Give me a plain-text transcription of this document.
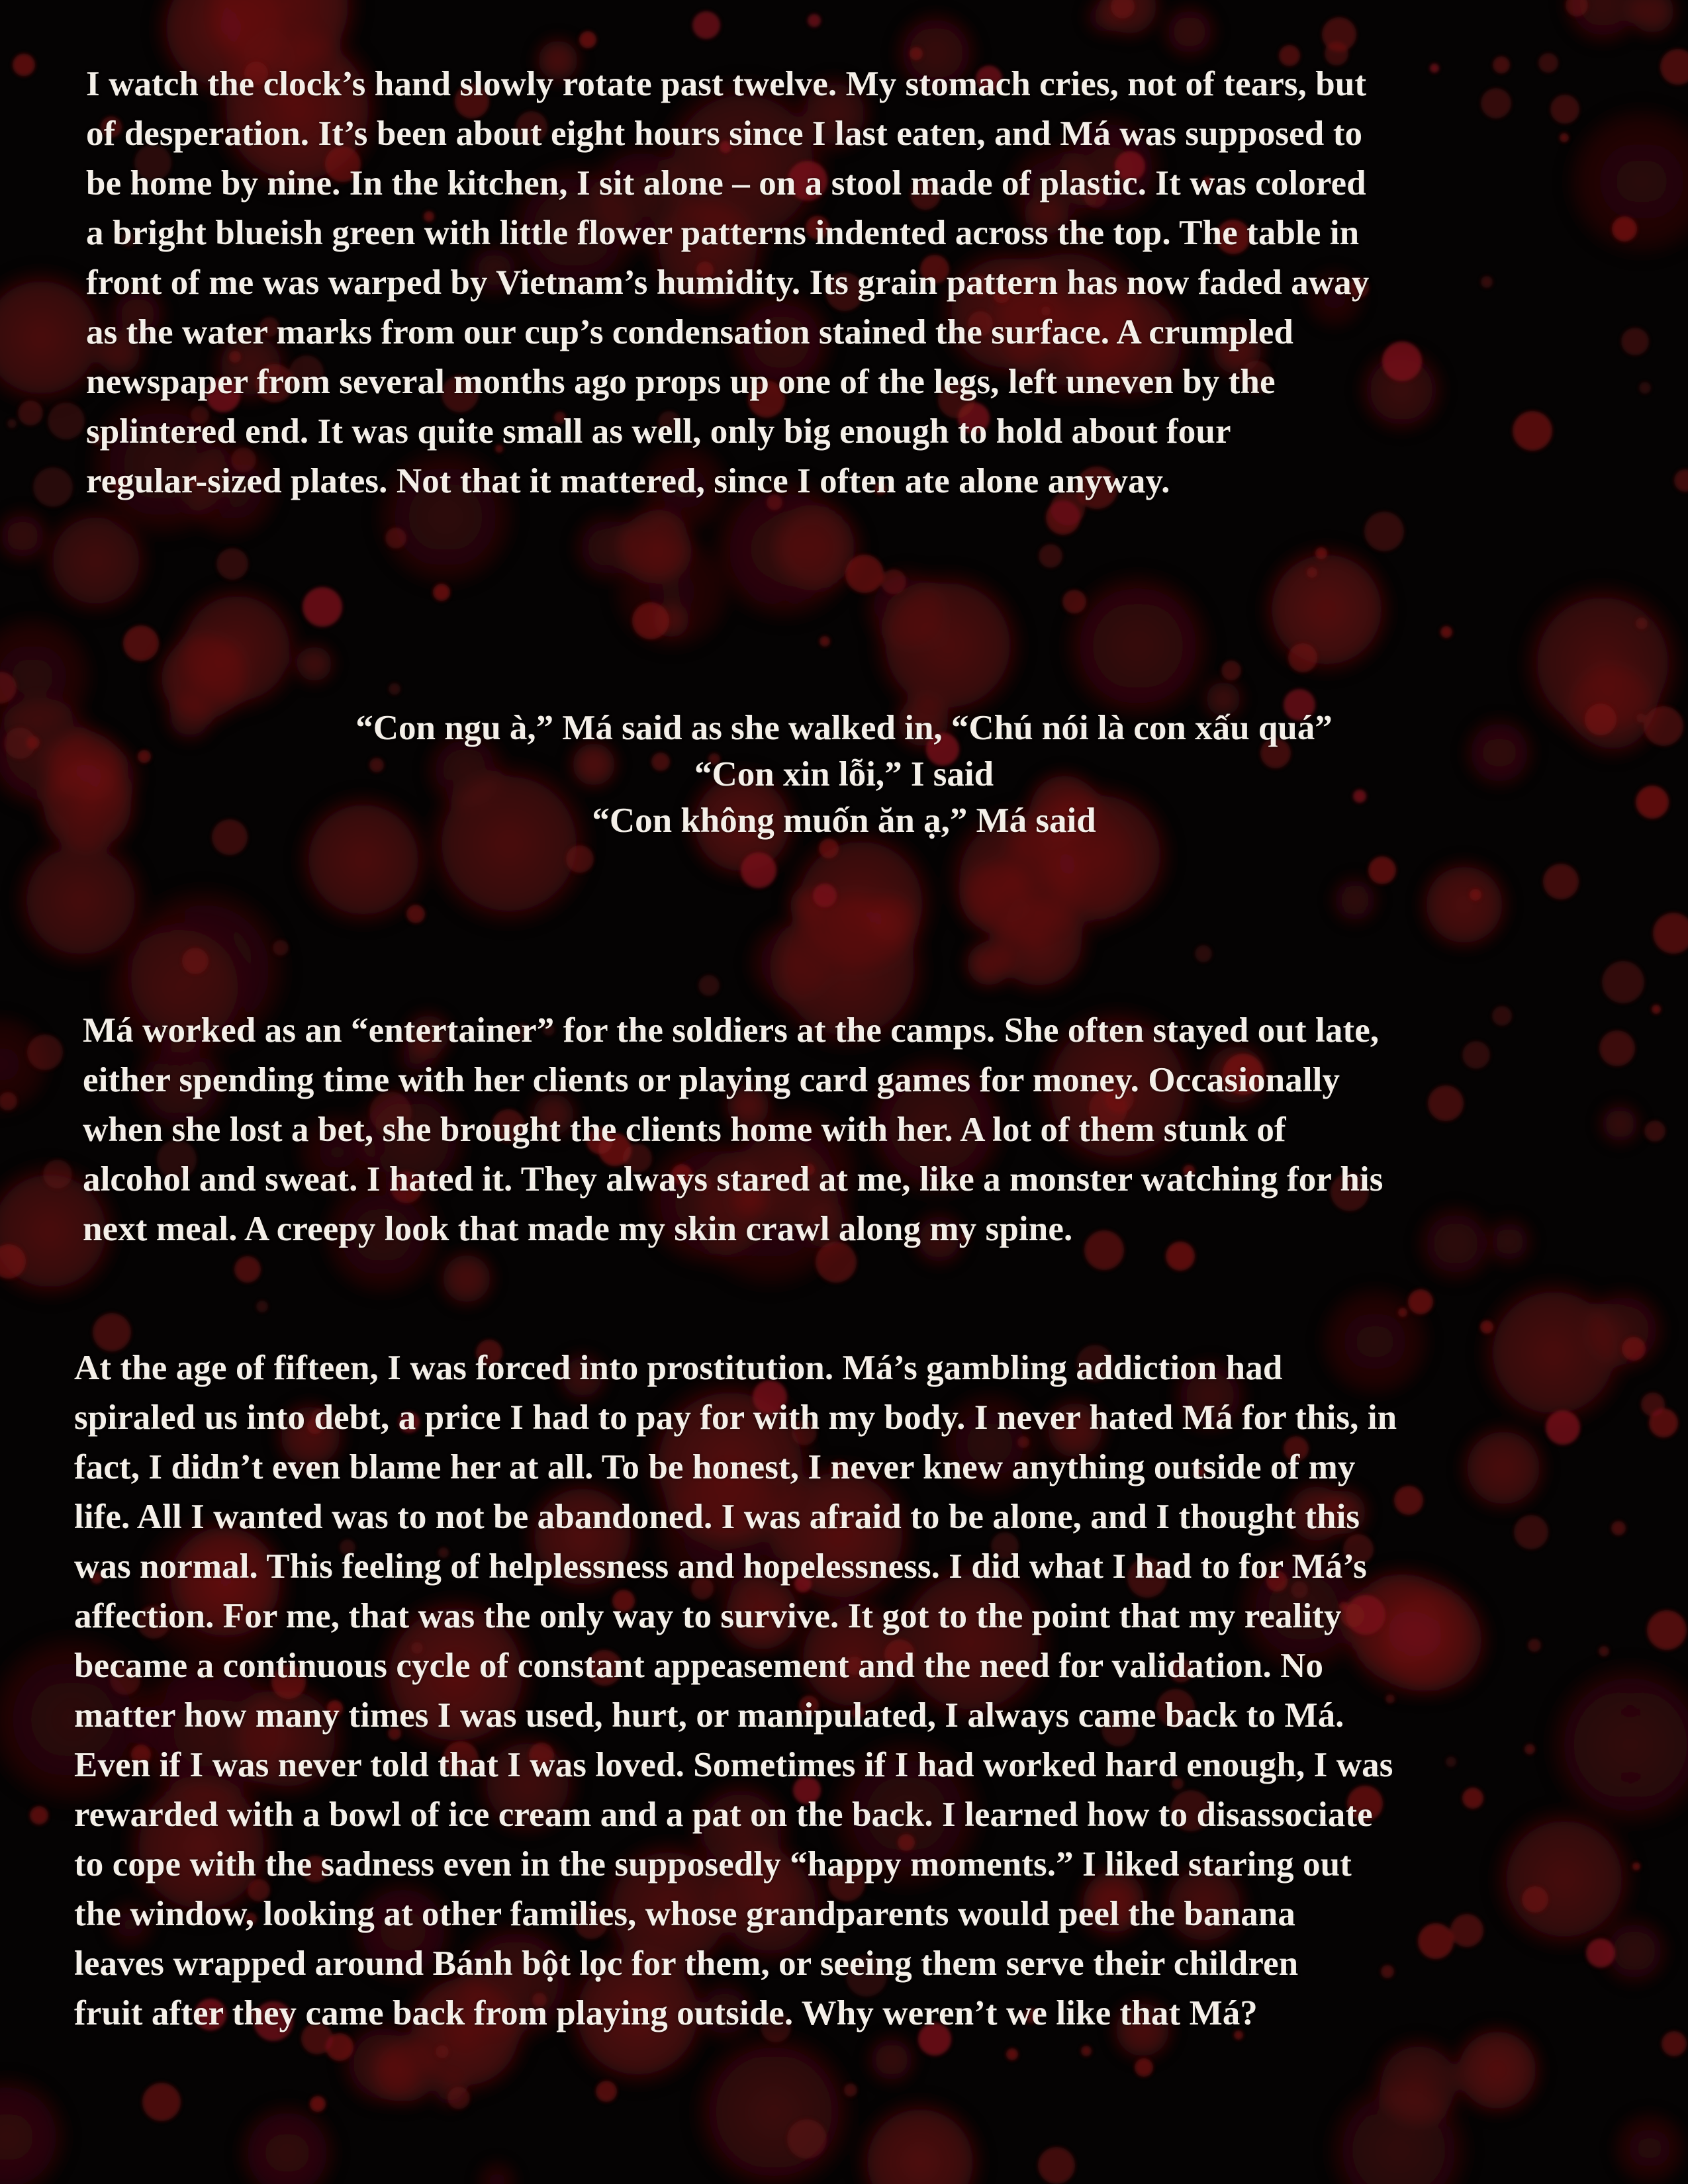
I watch the clock’s hand slowly rotate past twelve. My stomach cries, not of tears, but
of desperation. It’s been about eight hours since I last eaten, and Má was supposed to
be home by nine. In the kitchen, I sit alone – on a stool made of plastic. It was colored
a bright blueish green with little flower patterns indented across the top. The table in
front of me was warped by Vietnam’s humidity. Its grain pattern has now faded away
as the water marks from our cup’s condensation stained the surface. A crumpled
newspaper from several months ago props up one of the legs, left uneven by the
splintered end. It was quite small as well, only big enough to hold about four
regular-sized plates. Not that it mattered, since I often ate alone anyway.
“Con ngu à,” Má said as she walked in, “Chú nói là con xấu quá”
“Con xin lỗi,” I said
“Con không muốn ăn ạ,” Má said
Má worked as an “entertainer” for the soldiers at the camps. She often stayed out late,
either spending time with her clients or playing card games for money. Occasionally
when she lost a bet, she brought the clients home with her. A lot of them stunk of
alcohol and sweat. I hated it. They always stared at me, like a monster watching for his
next meal. A creepy look that made my skin crawl along my spine.
At the age of fifteen, I was forced into prostitution. Má’s gambling addiction had
spiraled us into debt, a price I had to pay for with my body. I never hated Má for this, in
fact, I didn’t even blame her at all. To be honest, I never knew anything outside of my
life. All I wanted was to not be abandoned. I was afraid to be alone, and I thought this
was normal. This feeling of helplessness and hopelessness. I did what I had to for Má’s
affection. For me, that was the only way to survive. It got to the point that my reality
became a continuous cycle of constant appeasement and the need for validation. No
matter how many times I was used, hurt, or manipulated, I always came back to Má.
Even if I was never told that I was loved. Sometimes if I had worked hard enough, I was
rewarded with a bowl of ice cream and a pat on the back. I learned how to disassociate
to cope with the sadness even in the supposedly “happy moments.” I liked staring out
the window, looking at other families, whose grandparents would peel the banana
leaves wrapped around Bánh bột lọc for them, or seeing them serve their children
fruit after they came back from playing outside. Why weren’t we like that Má?
